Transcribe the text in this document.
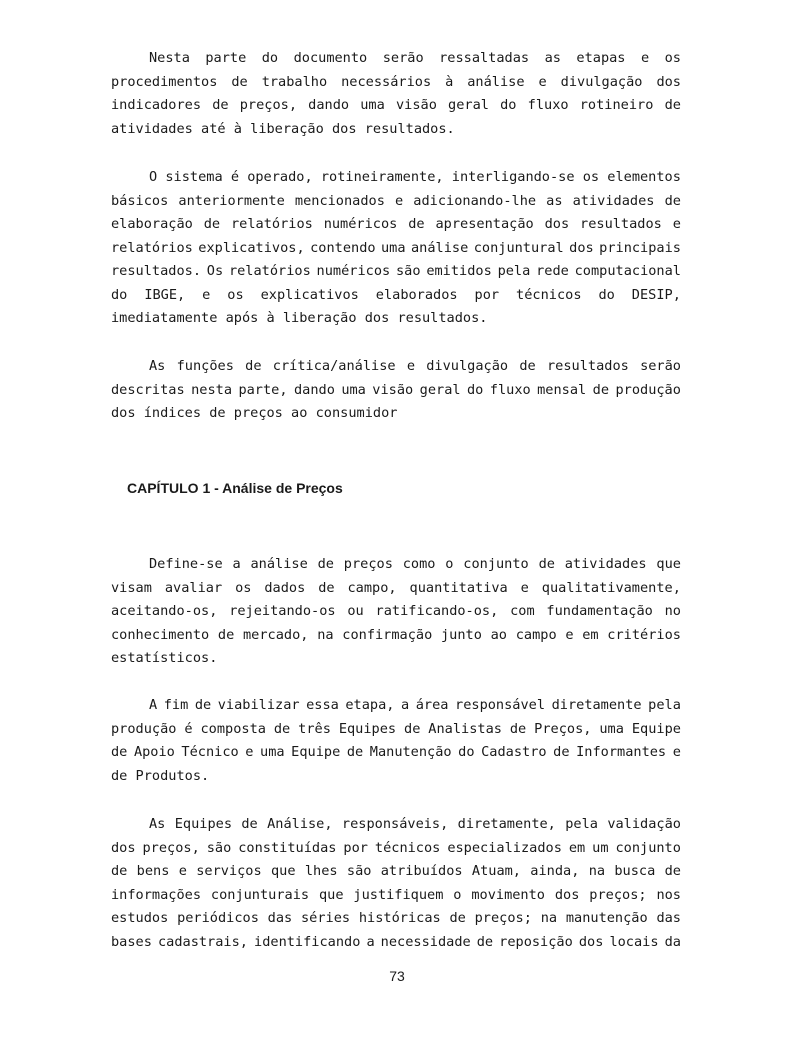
Nesta parte do documento serão ressaltadas as etapas e os
procedimentos de trabalho necessários à análise e divulgação dos
indicadores de preços, dando uma visão geral do fluxo rotineiro de
atividades até à liberação dos resultados.
O sistema é operado, rotineiramente, interligando-se os elementos
básicos anteriormente mencionados e adicionando-lhe as atividades de
elaboração de relatórios numéricos de apresentação dos resultados e
relatórios explicativos, contendo uma análise conjuntural dos principais
resultados. Os relatórios numéricos são emitidos pela rede computacional
do IBGE, e os explicativos elaborados por técnicos do DESIP,
imediatamente após à liberação dos resultados.
As funções de crítica/análise e divulgação de resultados serão
descritas nesta parte, dando uma visão geral do fluxo mensal de produção
dos índices de preços ao consumidor
CAPÍTULO 1 - Análise de Preços
Define-se a análise de preços como o conjunto de atividades que
visam avaliar os dados de campo, quantitativa e qualitativamente,
aceitando-os, rejeitando-os ou ratificando-os, com fundamentação no
conhecimento de mercado, na confirmação junto ao campo e em critérios
estatísticos.
A fim de viabilizar essa etapa, a área responsável diretamente pela
produção é composta de três Equipes de Analistas de Preços, uma Equipe
de Apoio Técnico e uma Equipe de Manutenção do Cadastro de Informantes e
de Produtos.
As Equipes de Análise, responsáveis, diretamente, pela validação
dos preços, são constituídas por técnicos especializados em um conjunto
de bens e serviços que lhes são atribuídos Atuam, ainda, na busca de
informações conjunturais que justifiquem o movimento dos preços; nos
estudos periódicos das séries históricas de preços; na manutenção das
bases cadastrais, identificando a necessidade de reposição dos locais da
73
